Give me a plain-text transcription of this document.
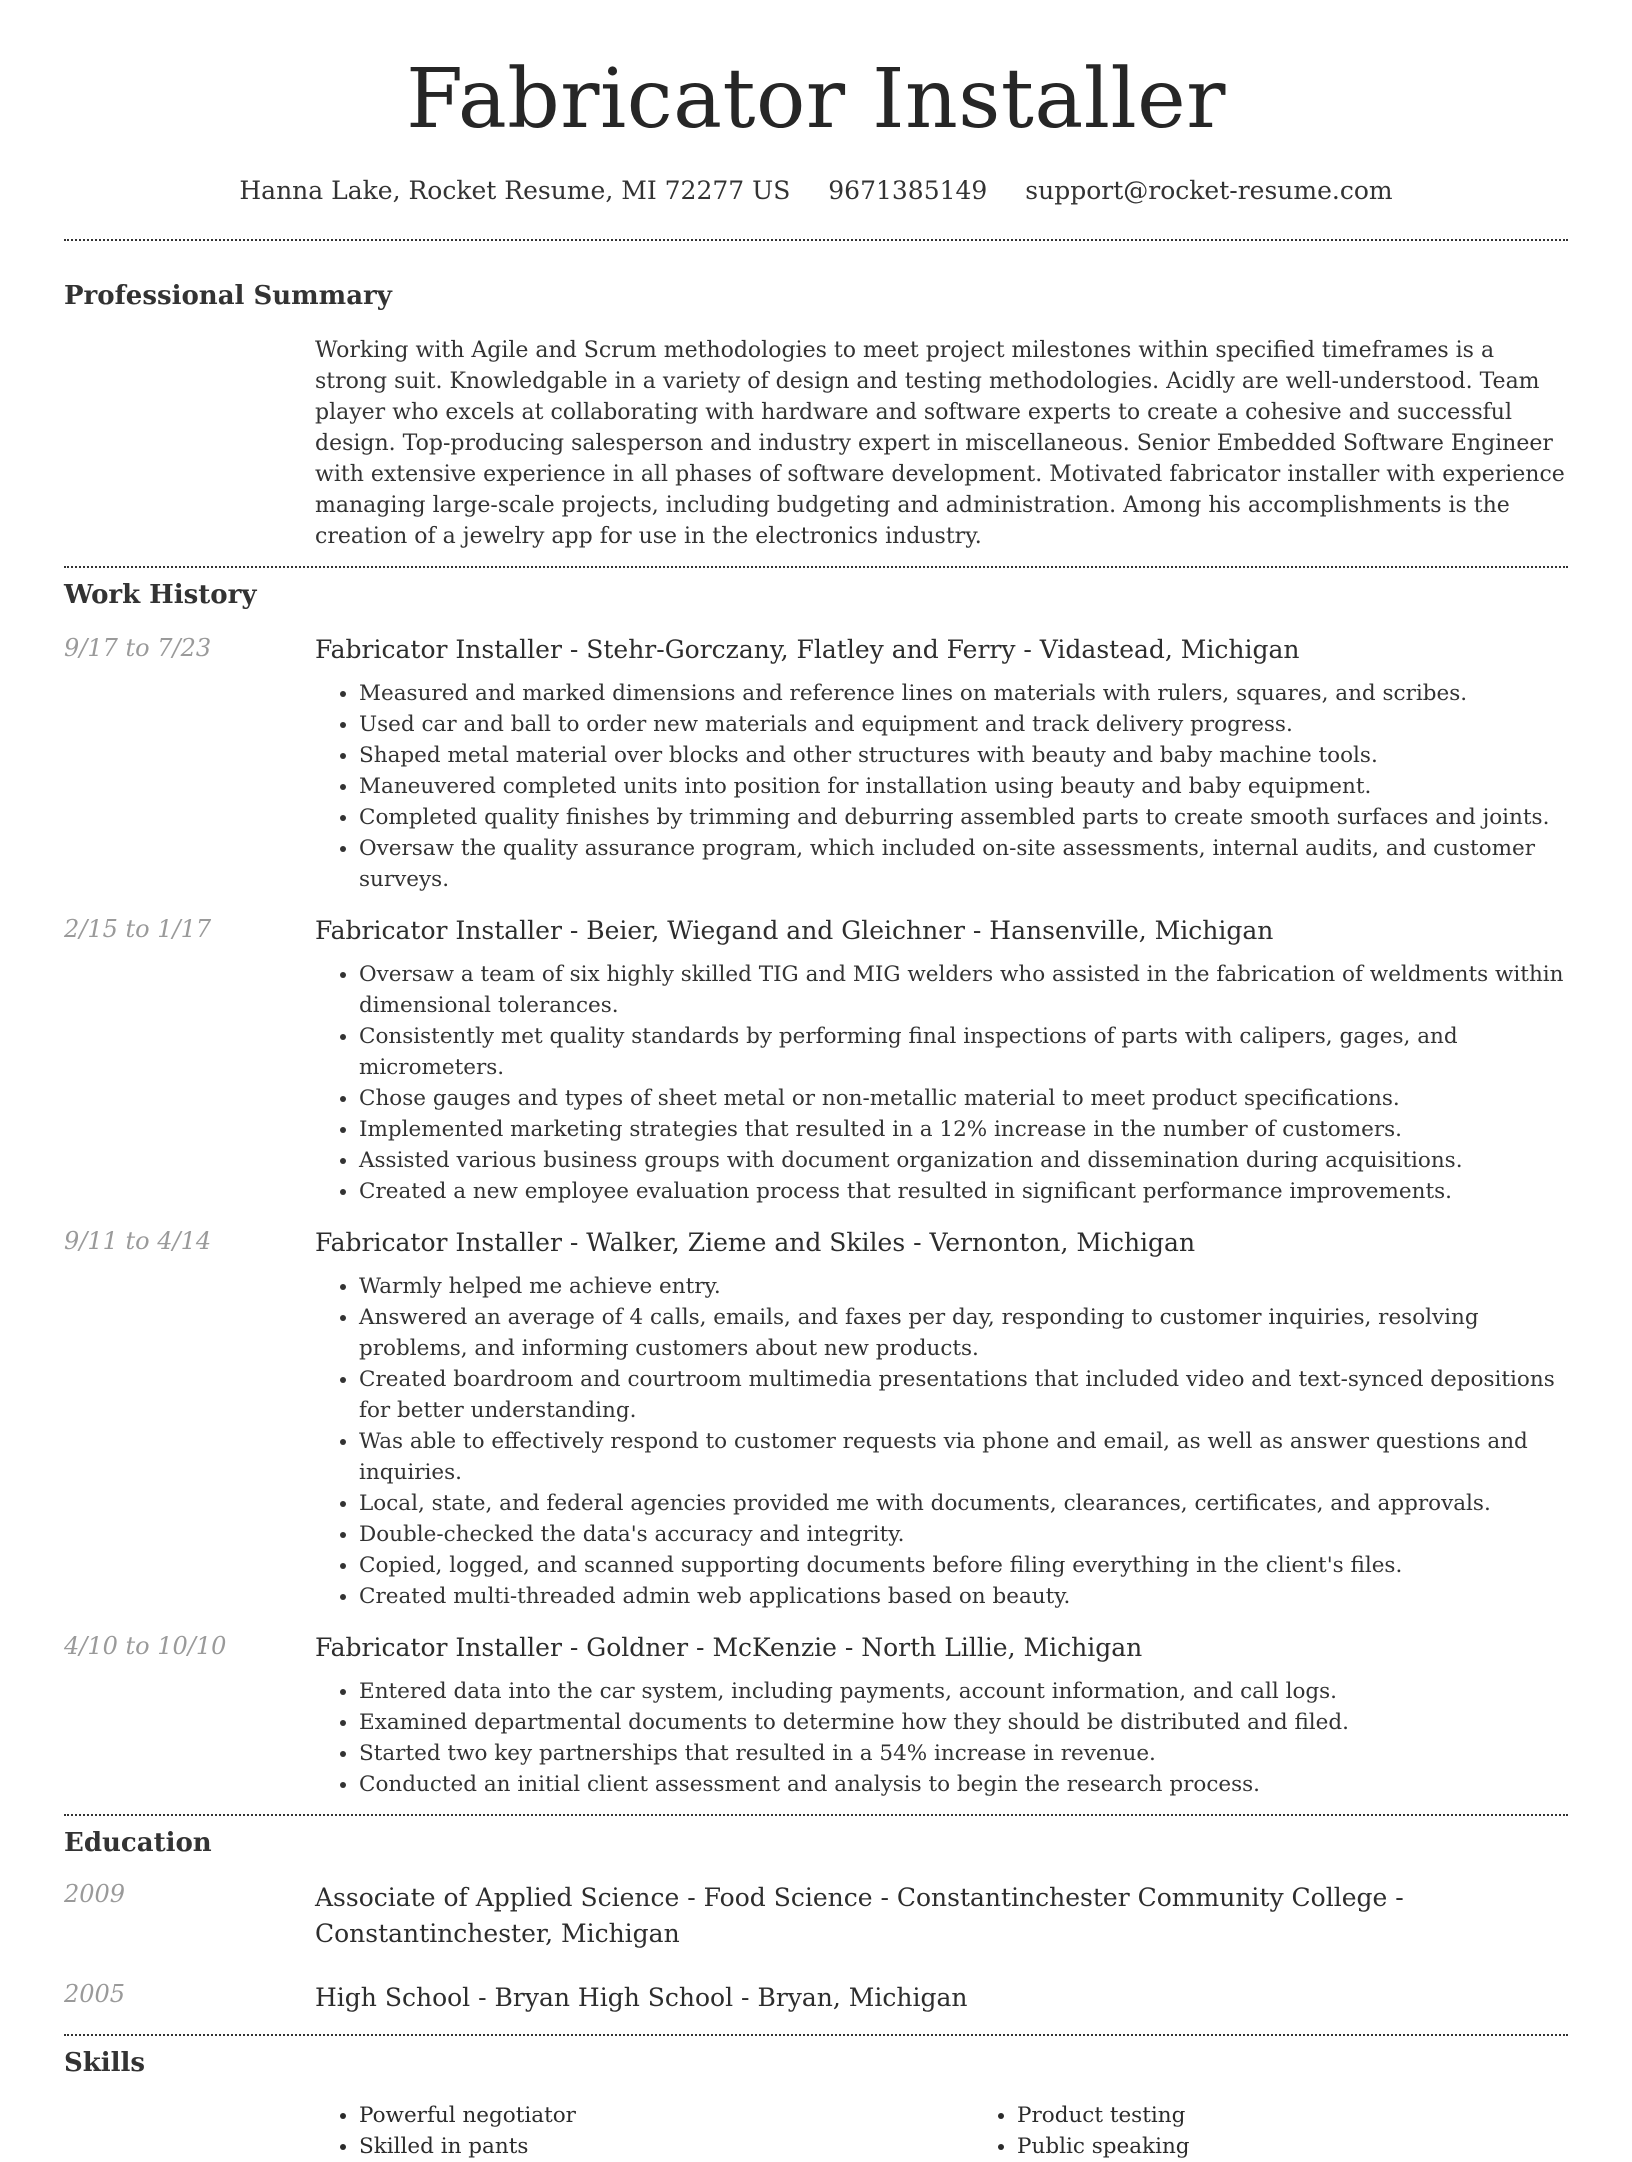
Fabricator Installer
Hanna Lake, Rocket Resume, MI 72277 US 9671385149 support@rocket-resume.com
Professional Summary
Working with Agile and Scrum methodologies to meet project milestones within specified timeframes is a strong suit. Knowledgable in a variety of design and testing methodologies. Acidly are well-understood. Team player who excels at collaborating with hardware and software experts to create a cohesive and successful design. Top-producing salesperson and industry expert in miscellaneous. Senior Embedded Software Engineer with extensive experience in all phases of software development. Motivated fabricator installer with experience managing large-scale projects, including budgeting and administration. Among his accomplishments is the creation of a jewelry app for use in the electronics industry.
Work History
9/17 to 7/23	Fabricator Installer - Stehr-Gorczany, Flatley and Ferry - Vidastead, Michigan
• Measured and marked dimensions and reference lines on materials with rulers, squares, and scribes.
• Used car and ball to order new materials and equipment and track delivery progress.
• Shaped metal material over blocks and other structures with beauty and baby machine tools.
• Maneuvered completed units into position for installation using beauty and baby equipment.
• Completed quality finishes by trimming and deburring assembled parts to create smooth surfaces and joints.
• Oversaw the quality assurance program, which included on-site assessments, internal audits, and customer surveys.
2/15 to 1/17	Fabricator Installer - Beier, Wiegand and Gleichner - Hansenville, Michigan
• Oversaw a team of six highly skilled TIG and MIG welders who assisted in the fabrication of weldments within dimensional tolerances.
• Consistently met quality standards by performing final inspections of parts with calipers, gages, and micrometers.
• Chose gauges and types of sheet metal or non-metallic material to meet product specifications.
• Implemented marketing strategies that resulted in a 12% increase in the number of customers.
• Assisted various business groups with document organization and dissemination during acquisitions.
• Created a new employee evaluation process that resulted in significant performance improvements.
9/11 to 4/14	Fabricator Installer - Walker, Zieme and Skiles - Vernonton, Michigan
• Warmly helped me achieve entry.
• Answered an average of 4 calls, emails, and faxes per day, responding to customer inquiries, resolving problems, and informing customers about new products.
• Created boardroom and courtroom multimedia presentations that included video and text-synced depositions for better understanding.
• Was able to effectively respond to customer requests via phone and email, as well as answer questions and inquiries.
• Local, state, and federal agencies provided me with documents, clearances, certificates, and approvals.
• Double-checked the data's accuracy and integrity.
• Copied, logged, and scanned supporting documents before filing everything in the client's files.
• Created multi-threaded admin web applications based on beauty.
4/10 to 10/10	Fabricator Installer - Goldner - McKenzie - North Lillie, Michigan
• Entered data into the car system, including payments, account information, and call logs.
• Examined departmental documents to determine how they should be distributed and filed.
• Started two key partnerships that resulted in a 54% increase in revenue.
• Conducted an initial client assessment and analysis to begin the research process.
Education
2009	Associate of Applied Science - Food Science - Constantinchester Community College - Constantinchester, Michigan
2005	High School - Bryan High School - Bryan, Michigan
Skills
• Powerful negotiator
• Skilled in pants
• Product testing
• Public speaking
